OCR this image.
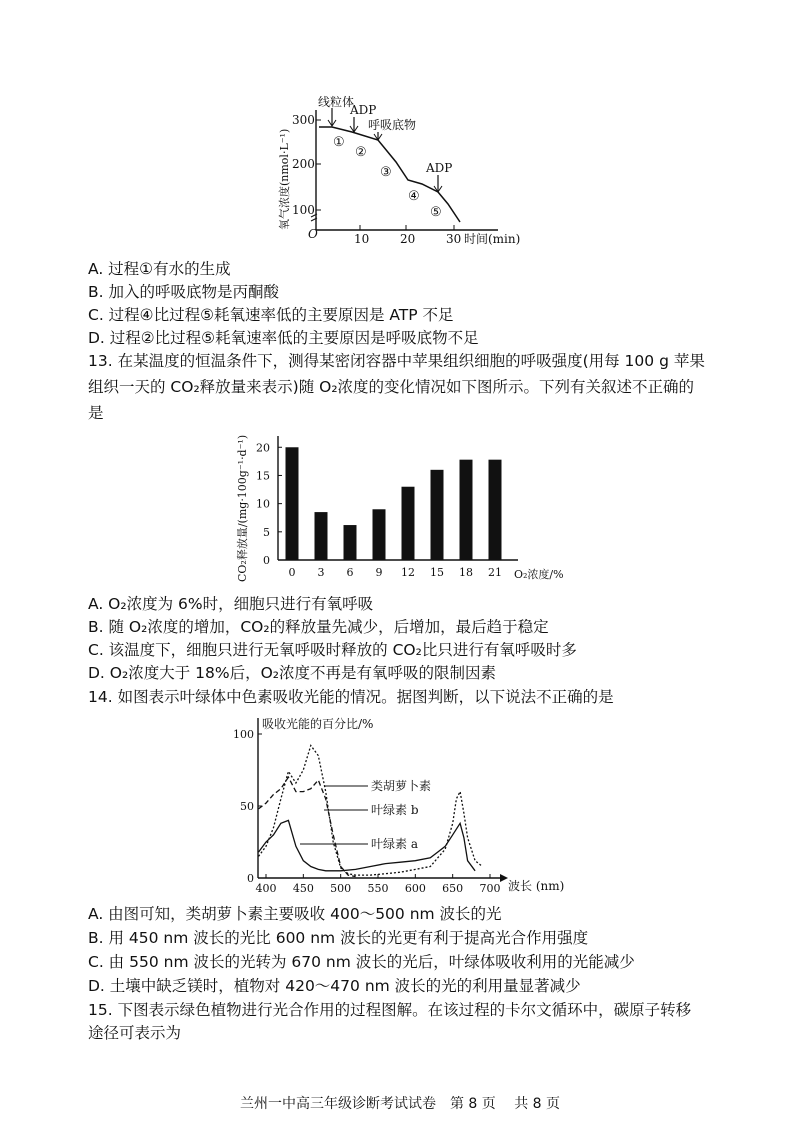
300
200
100
O	10	20	30 时间(min)
氧气浓度(nmol·L⁻¹)
线粒体
ADP
呼吸底物
ADP
①
②
③
④
⑤
A. 过程①有水的生成
B. 加入的呼吸底物是丙酮酸
C. 过程④比过程⑤耗氧速率低的主要原因是 ATP 不足
D. 过程②比过程⑤耗氧速率低的主要原因是呼吸底物不足
13. 在某温度的恒温条件下，测得某密闭容器中苹果组织细胞的呼吸强度(用每 100 g 苹果
组织一天的 CO₂释放量来表示)随 O₂浓度的变化情况如下图所示。下列有关叙述不正确的
是
CO₂释放量/(mg·100g⁻¹·d⁻¹) 20
15
10
5
0
0 3 6 9 12 15 18 21 O₂浓度/%
A. O₂浓度为 6%时，细胞只进行有氧呼吸
B. 随 O₂浓度的增加，CO₂的释放量先减少，后增加，最后趋于稳定
C. 该温度下，细胞只进行无氧呼吸时释放的 CO₂比只进行有氧呼吸时多
D. O₂浓度大于 18%后，O₂浓度不再是有氧呼吸的限制因素
14. 如图表示叶绿体中色素吸收光能的情况。据图判断，以下说法不正确的是
吸收光能的百分比/%
100
50
0
400 450 500 550 600 650 700 波长 (nm)
类胡萝卜素
叶绿素 b
叶绿素 a
A. 由图可知，类胡萝卜素主要吸收 400～500 nm 波长的光
B. 用 450 nm 波长的光比 600 nm 波长的光更有利于提高光合作用强度
C. 由 550 nm 波长的光转为 670 nm 波长的光后，叶绿体吸收利用的光能减少
D. 土壤中缺乏镁时，植物对 420～470 nm 波长的光的利用量显著减少
15. 下图表示绿色植物进行光合作用的过程图解。在该过程的卡尔文循环中，碳原子转移
途径可表示为
兰州一中高三年级诊断考试试卷　第 8 页　 共 8 页
